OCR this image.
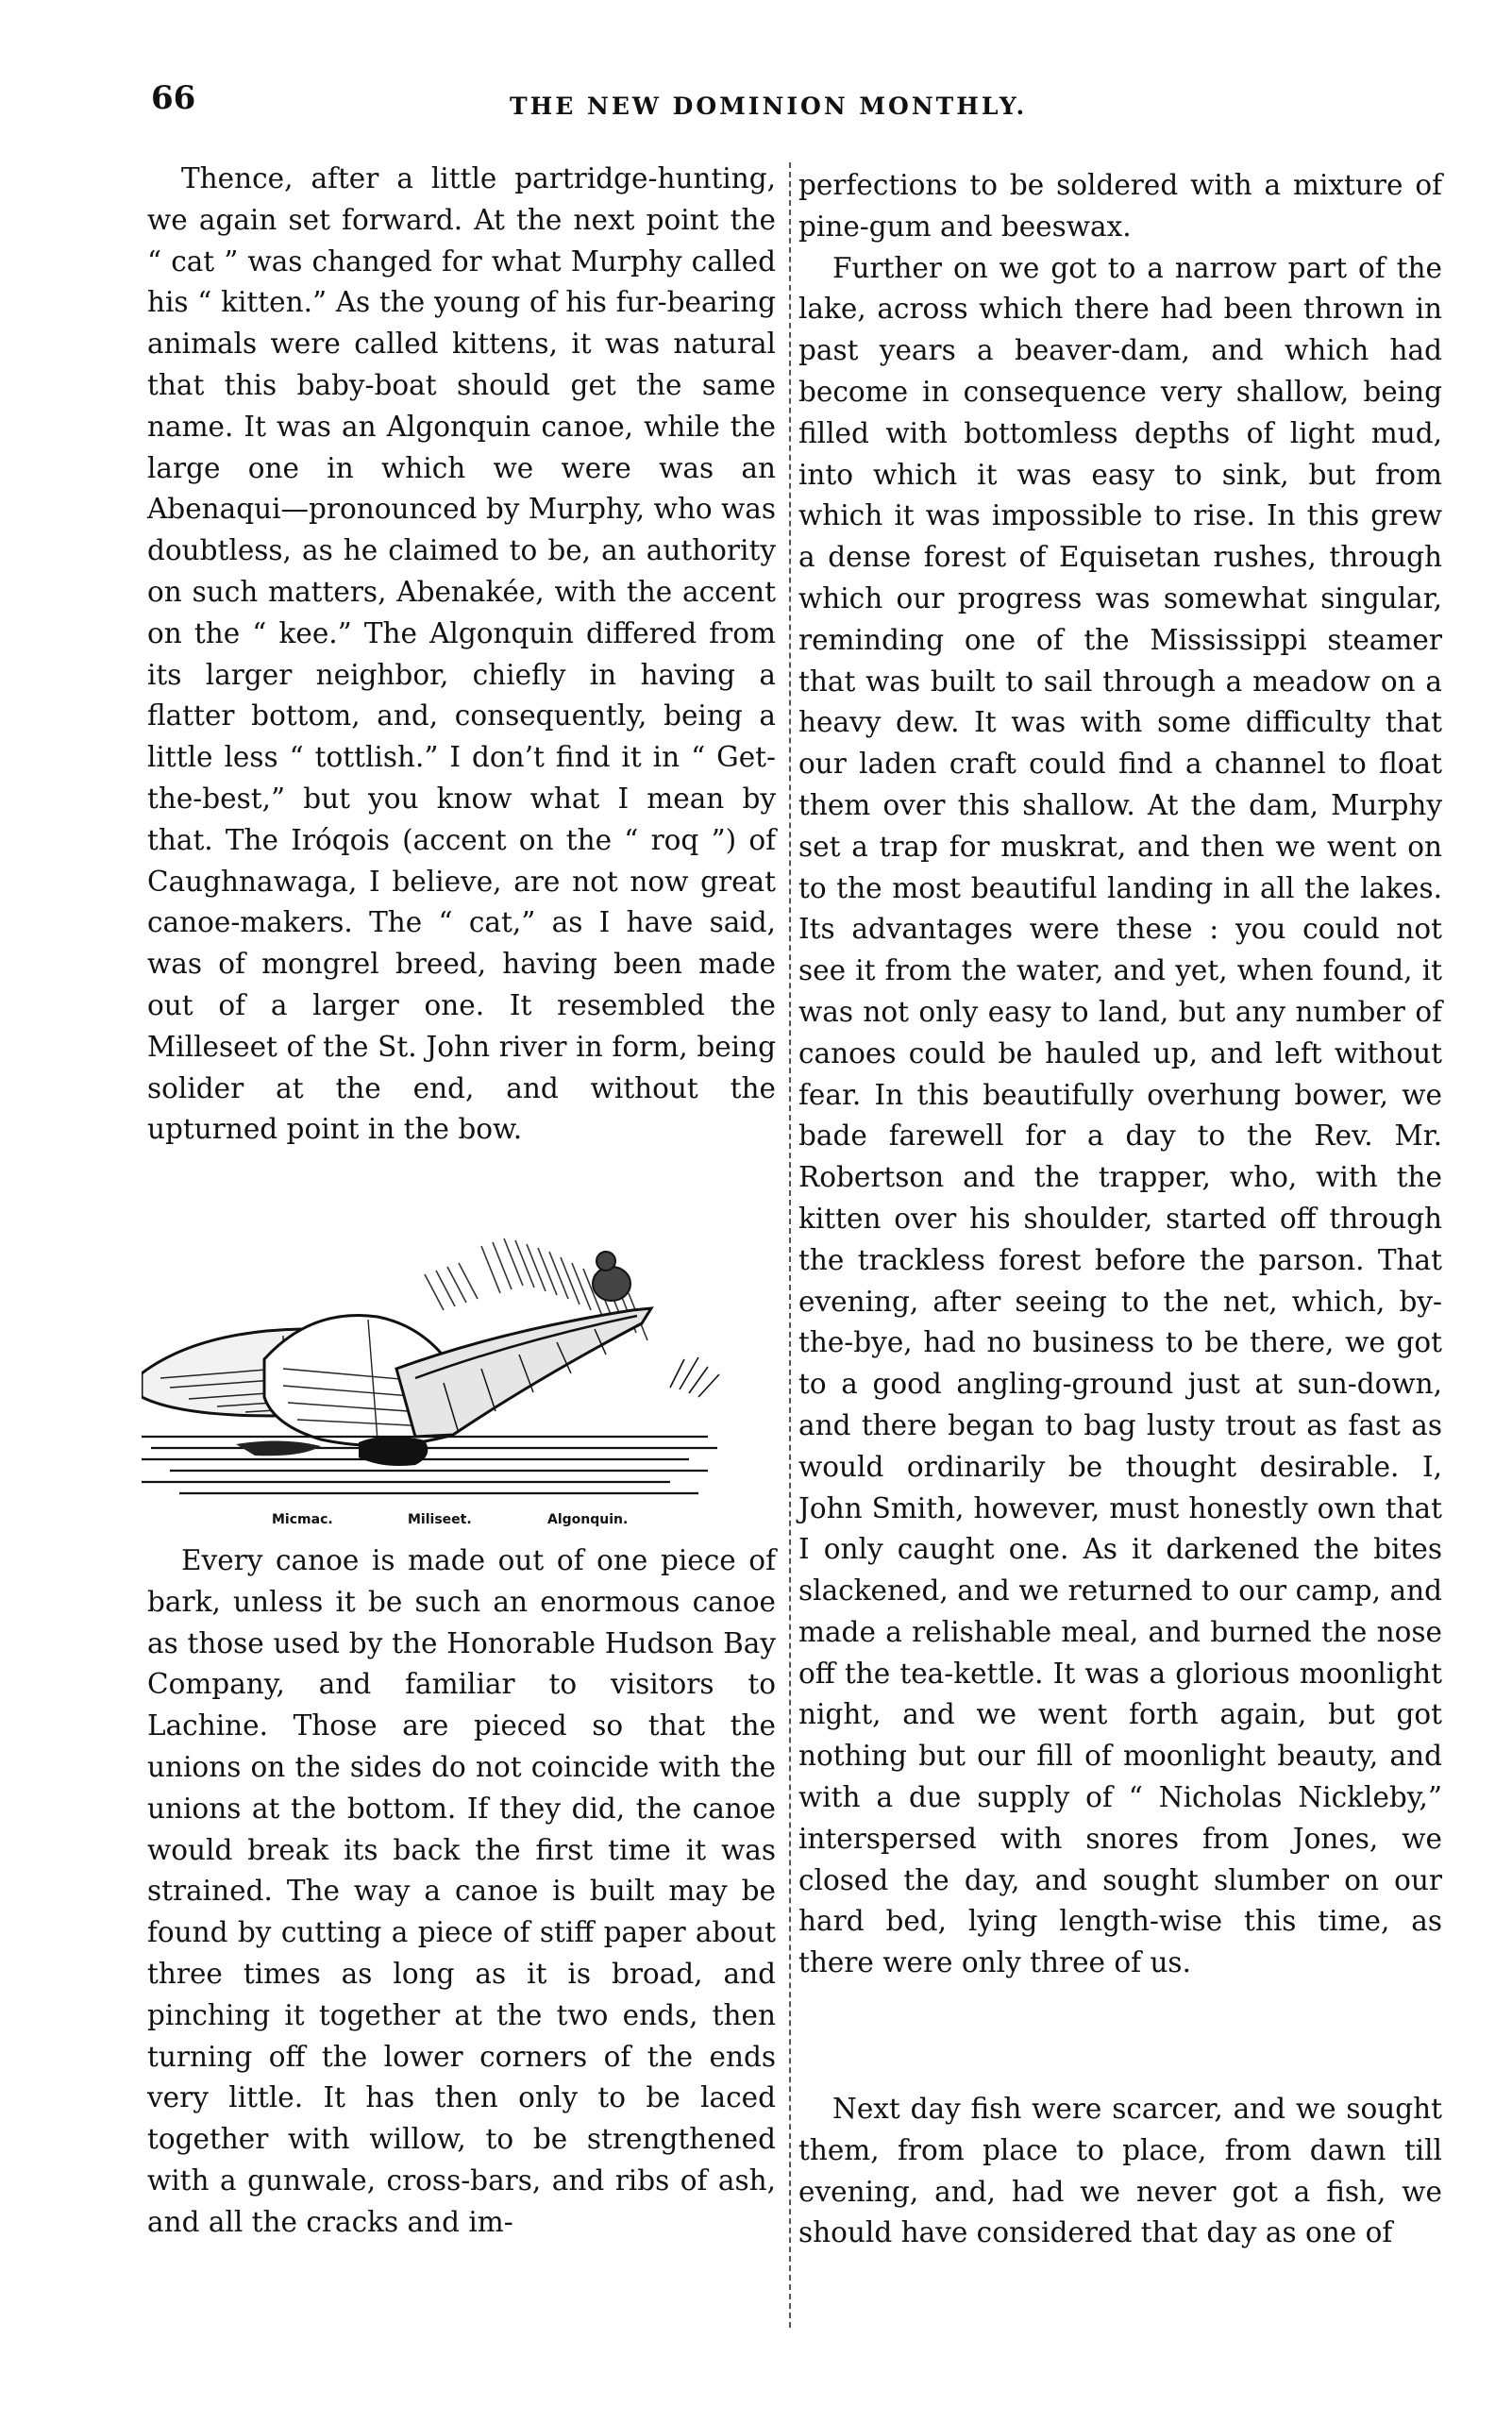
66	THE NEW DOMINION MONTHLY.

Thence, after a little partridge-hunting, we again set forward. At the next point the “ cat ” was changed for what Murphy called his “ kitten.” As the young of his fur-bearing animals were called kittens, it was natural that this baby-boat should get the same name. It was an Algonquin canoe, while the large one in which we were was an Abenaqui—pronounced by Murphy, who was doubtless, as he claimed to be, an authority on such matters, Abenakée, with the accent on the “ kee.” The Algonquin differed from its larger neighbor, chiefly in having a flatter bottom, and, consequently, being a little less “ tottlish.” I don’t find it in “ Get-the-best,” but you know what I mean by that. The Iróqois (accent on the “ roq ”) of Caughnawaga, I believe, are not now great canoe-makers. The “ cat,” as I have said, was of mongrel breed, having been made out of a larger one. It resembled the Milleseet of the St. John river in form, being solider at the end, and without the upturned point in the bow.

Micmac.	Miliseet.	Algonquin.

Every canoe is made out of one piece of bark, unless it be such an enormous canoe as those used by the Honorable Hudson Bay Company, and familiar to visitors to Lachine. Those are pieced so that the unions on the sides do not coincide with the unions at the bottom. If they did, the canoe would break its back the first time it was strained. The way a canoe is built may be found by cutting a piece of stiff paper about three times as long as it is broad, and pinching it together at the two ends, then turning off the lower corners of the ends very little. It has then only to be laced together with willow, to be strengthened with a gunwale, cross-bars, and ribs of ash, and all the cracks and im-

perfections to be soldered with a mixture of pine-gum and beeswax.

Further on we got to a narrow part of the lake, across which there had been thrown in past years a beaver-dam, and which had become in consequence very shallow, being filled with bottomless depths of light mud, into which it was easy to sink, but from which it was impossible to rise. In this grew a dense forest of Equisetan rushes, through which our progress was somewhat singular, reminding one of the Mississippi steamer that was built to sail through a meadow on a heavy dew. It was with some difficulty that our laden craft could find a channel to float them over this shallow. At the dam, Murphy set a trap for muskrat, and then we went on to the most beautiful landing in all the lakes. Its advantages were these : you could not see it from the water, and yet, when found, it was not only easy to land, but any number of canoes could be hauled up, and left without fear. In this beautifully overhung bower, we bade farewell for a day to the Rev. Mr. Robertson and the trapper, who, with the kitten over his shoulder, started off through the trackless forest before the parson. That evening, after seeing to the net, which, by-the-bye, had no business to be there, we got to a good angling-ground just at sun-down, and there began to bag lusty trout as fast as would ordinarily be thought desirable. I, John Smith, however, must honestly own that I only caught one. As it darkened the bites slackened, and we returned to our camp, and made a relishable meal, and burned the nose off the tea-kettle. It was a glorious moonlight night, and we went forth again, but got nothing but our fill of moonlight beauty, and with a due supply of “ Nicholas Nickleby,” interspersed with snores from Jones, we closed the day, and sought slumber on our hard bed, lying length-wise this time, as there were only three of us.

Next day fish were scarcer, and we sought them, from place to place, from dawn till evening, and, had we never got a fish, we should have considered that day as one of
